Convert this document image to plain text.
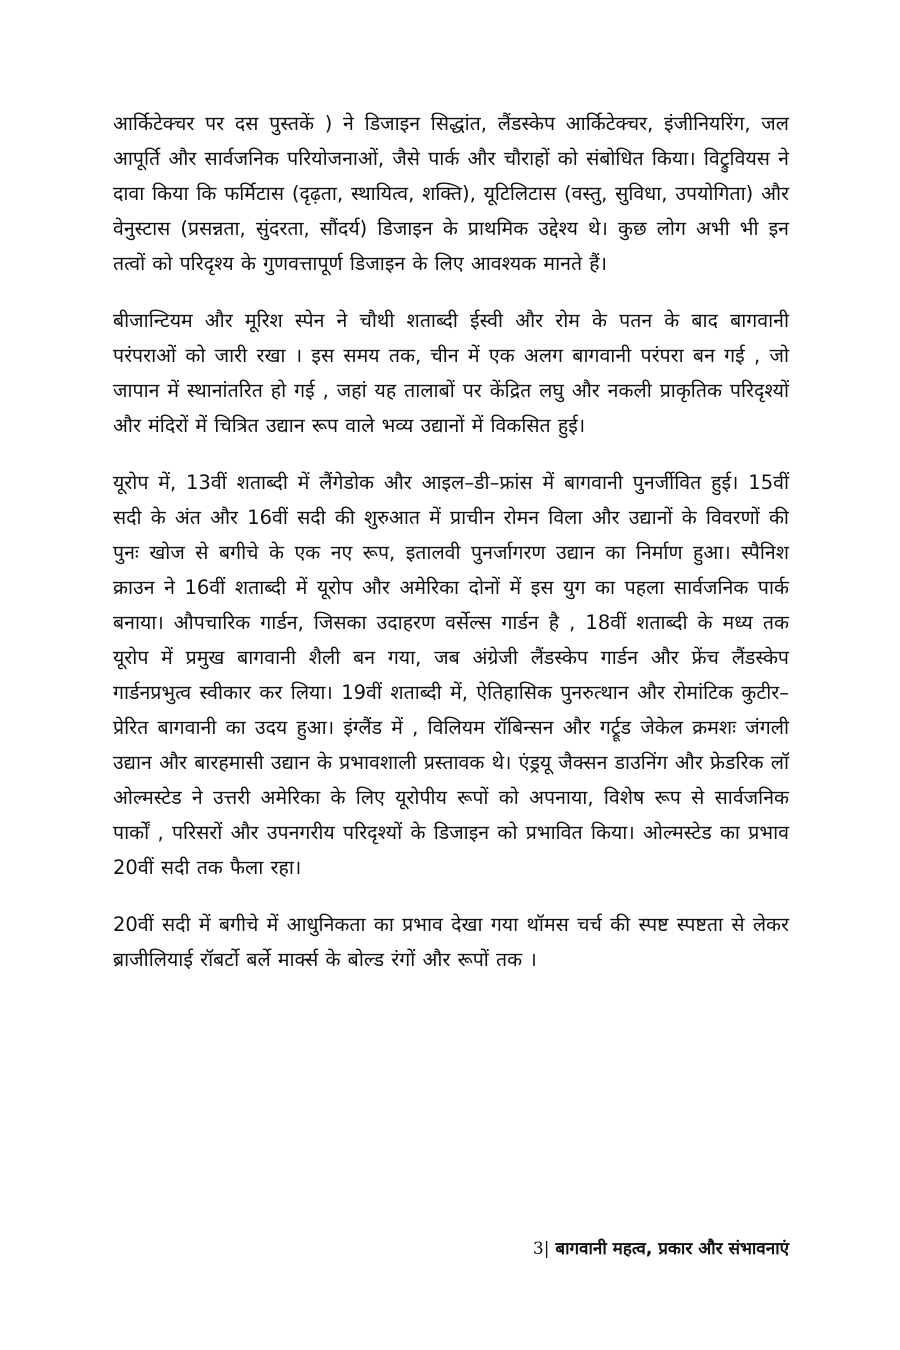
आर्किटेक्चर पर दस पुस्तकें ) ने डिजाइन सिद्धांत, लैंडस्केप आर्किटेक्चर, इंजीनियरिंग, जल आपूर्ति और सार्वजनिक परियोजनाओं, जैसे पार्क और चौराहों को संबोधित किया। विट्रुवियस ने दावा किया कि फर्मिटास (दृढ़ता, स्थायित्व, शक्ति), यूटिलिटास (वस्तु, सुविधा, उपयोगिता) और वेनुस्टास (प्रसन्नता, सुंदरता, सौंदर्य) डिजाइन के प्राथमिक उद्देश्य थे। कुछ लोग अभी भी इन तत्वों को परिदृश्य के गुणवत्तापूर्ण डिजाइन के लिए आवश्यक मानते हैं।

बीजान्टियम और मूरिश स्पेन ने चौथी शताब्दी ईस्वी और रोम के पतन के बाद बागवानी परंपराओं को जारी रखा । इस समय तक, चीन में एक अलग बागवानी परंपरा बन गई , जो जापान में स्थानांतरित हो गई , जहां यह तालाबों पर केंद्रित लघु और नकली प्राकृतिक परिदृश्यों और मंदिरों में चित्रित उद्यान रूप वाले भव्य उद्यानों में विकसित हुई।

यूरोप में, 13वीं शताब्दी में लैंगेडोक और आइल–डी–फ्रांस में बागवानी पुनर्जीवित हुई। 15वीं सदी के अंत और 16वीं सदी की शुरुआत में प्राचीन रोमन विला और उद्यानों के विवरणों की पुनः खोज से बगीचे के एक नए रूप, इतालवी पुनर्जागरण उद्यान का निर्माण हुआ। स्पैनिश क्राउन ने 16वीं शताब्दी में यूरोप और अमेरिका दोनों में इस युग का पहला सार्वजनिक पार्क बनाया। औपचारिक गार्डन, जिसका उदाहरण वर्सेल्स गार्डन है , 18वीं शताब्दी के मध्य तक यूरोप में प्रमुख बागवानी शैली बन गया, जब अंग्रेजी लैंडस्केप गार्डन और फ्रेंच लैंडस्केप गार्डनप्रभुत्व स्वीकार कर लिया। 19वीं शताब्दी में, ऐतिहासिक पुनरुत्थान और रोमांटिक कुटीर–प्रेरित बागवानी का उदय हुआ। इंग्लैंड में , विलियम रॉबिन्सन और गर्ट्रूड जेकेल क्रमशः जंगली उद्यान और बारहमासी उद्यान के प्रभावशाली प्रस्तावक थे। एंड्रयू जैक्सन डाउनिंग और फ्रेडरिक लॉ ओल्मस्टेड ने उत्तरी अमेरिका के लिए यूरोपीय रूपों को अपनाया, विशेष रूप से सार्वजनिक पार्कों , परिसरों और उपनगरीय परिदृश्यों के डिजाइन को प्रभावित किया। ओल्मस्टेड का प्रभाव 20वीं सदी तक फैला रहा।

20वीं सदी में बगीचे में आधुनिकता का प्रभाव देखा गया थॉमस चर्च की स्पष्ट स्पष्टता से लेकर ब्राजीलियाई रॉबर्टो बर्ले मार्क्स के बोल्ड रंगों और रूपों तक ।

3| बागवानी महत्व, प्रकार और संभावनाएं
